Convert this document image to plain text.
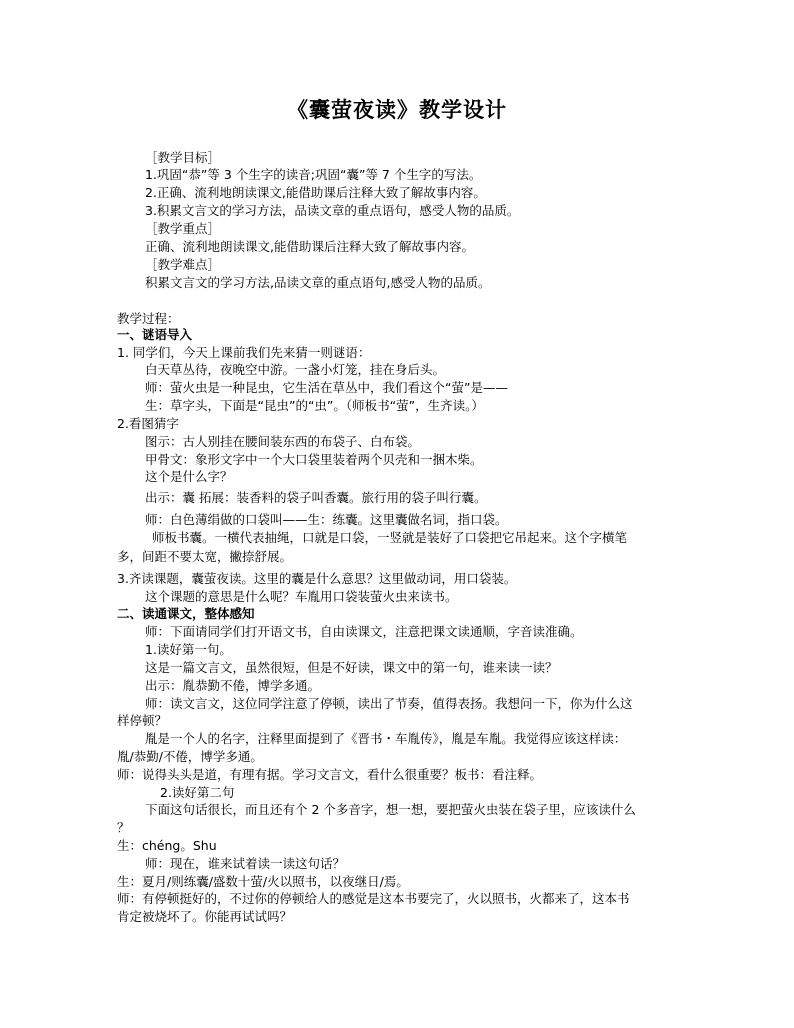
《囊萤夜读》教学设计
［教学目标］
1.巩固“恭”等 3 个生字的读音;巩固“囊”等 7 个生字的写法。
2.正确、流利地朗读课文,能借助课后注释大致了解故事内容。
3.积累文言文的学习方法，品读文章的重点语句，感受人物的品质。
［教学重点］
正确、流利地朗读课文,能借助课后注释大致了解故事内容。
［教学难点］
积累文言文的学习方法,品读文章的重点语句,感受人物的品质。
教学过程：
一、谜语导入
1. 同学们，今天上课前我们先来猜一则谜语：
白天草丛待，夜晚空中游。一盏小灯笼，挂在身后头。
师：萤火虫是一种昆虫，它生活在草丛中，我们看这个“萤”是——
生：草字头，下面是“昆虫”的“虫”。（师板书“萤”，生齐读。）
2.看图猜字
图示：古人别挂在腰间装东西的布袋子、白布袋。
甲骨文：象形文字中一个大口袋里装着两个贝壳和一捆木柴。
这个是什么字？
出示：囊 拓展：装香料的袋子叫香囊。旅行用的袋子叫行囊。
师：白色薄绢做的口袋叫——生：练囊。这里囊做名词，指口袋。
师板书囊。一横代表抽绳，口就是口袋，一竖就是装好了口袋把它吊起来。这个字横笔
多，间距不要太宽，撇捺舒展。
3.齐读课题，囊萤夜读。这里的囊是什么意思？这里做动词，用口袋装。
这个课题的意思是什么呢？车胤用口袋装萤火虫来读书。
二、读通课文，整体感知
师：下面请同学们打开语文书，自由读课文，注意把课文读通顺，字音读准确。
1.读好第一句。
这是一篇文言文，虽然很短，但是不好读，课文中的第一句，谁来读一读？
出示：胤恭勤不倦，博学多通。
师：读文言文，这位同学注意了停顿，读出了节奏，值得表扬。我想问一下，你为什么这
样停顿？
胤是一个人的名字，注释里面提到了《晋书・车胤传》，胤是车胤。我觉得应该这样读：
胤/恭勤/不倦，博学多通。
师：说得头头是道，有理有据。学习文言文，看什么很重要？板书：看注释。
2.读好第二句
下面这句话很长，而且还有个 2 个多音字，想一想，要把萤火虫装在袋子里，应该读什么
？
生：chéng。Shu
师：现在，谁来试着读一读这句话？
生：夏月/则练囊/盛数十萤/火以照书，以夜继日/焉。
师：有停顿挺好的，不过你的停顿给人的感觉是这本书要完了，火以照书，火都来了，这本书
肯定被烧坏了。你能再试试吗？
